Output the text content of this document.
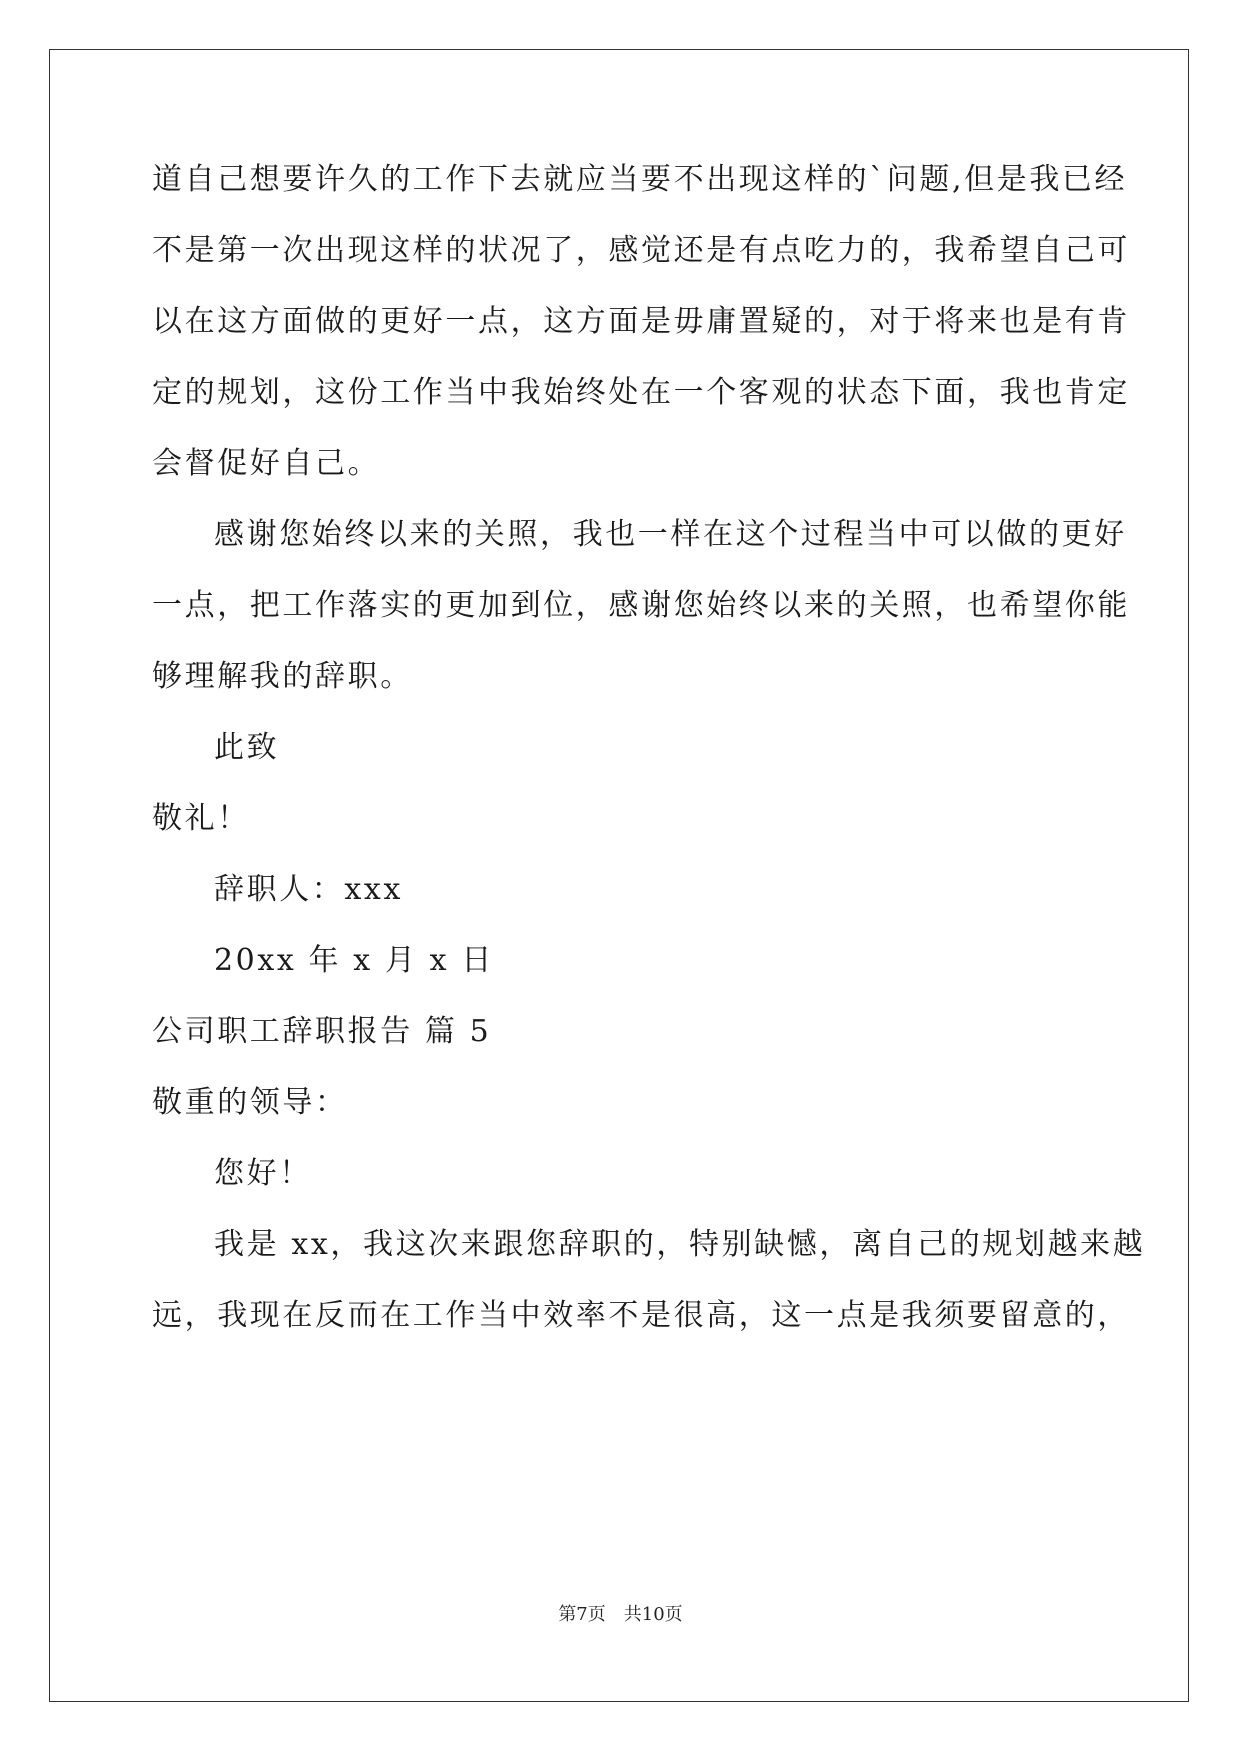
道自己想要许久的工作下去就应当要不出现这样的`问题,但是我已经
不是第一次出现这样的状况了，感觉还是有点吃力的，我希望自己可
以在这方面做的更好一点，这方面是毋庸置疑的，对于将来也是有肯
定的规划，这份工作当中我始终处在一个客观的状态下面，我也肯定
会督促好自己。
感谢您始终以来的关照，我也一样在这个过程当中可以做的更好
一点，把工作落实的更加到位，感谢您始终以来的关照，也希望你能
够理解我的辞职。
此致
敬礼！
辞职人：xxx
20xx 年 x 月 x 日
公司职工辞职报告 篇 5
敬重的领导：
您好！
我是 xx，我这次来跟您辞职的，特别缺憾，离自己的规划越来越
远，我现在反而在工作当中效率不是很高，这一点是我须要留意的，
第7页 共10页
